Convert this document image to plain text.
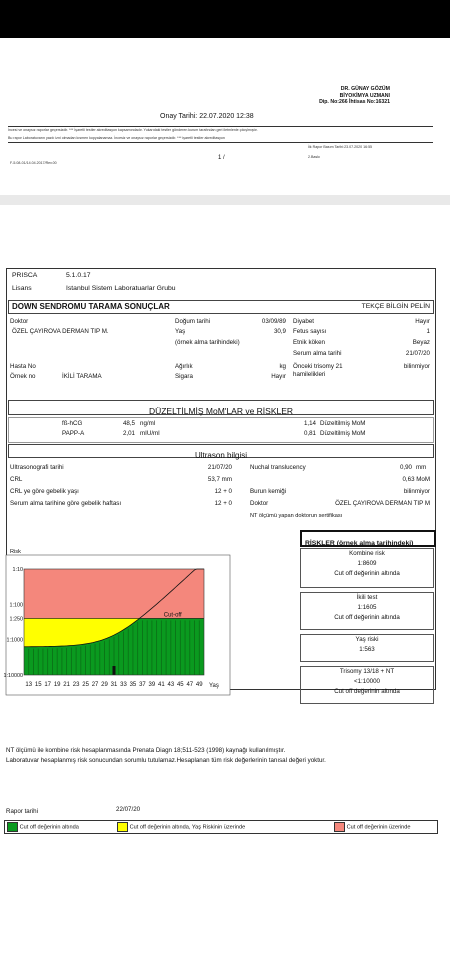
DR. GÜNAY GÖZÜM
BİYOKİMYA UZMANI
Dip. No:266 İhtisas No:16321
Onay Tarihi: 22.07.2020 12:38
İncesi ve onaysız raporlar geçersizdir. *** İşaretli testler akreditasyon kapsamındadır. Yukarıdaki testler gönderen kurum tarafından geri iletmlenle çıkışlmıştır.
Bu rapor Laboratuvarın yazılı izni olmadan kısmen kopyalanamaz. İncesiz ve onaysız raporlar geçersizdir. *** işaretli testler akreditasyon
İlk Rapor Basım Tarihi:23.07.2020 16:55
2.Baskı
1 /
F-5.08-01/14.04.2017/Rev.00
PRISCA	5.1.0.17
Lisans	Istanbul Sistem Laboratuarlar Grubu
DOWN SENDROMU TARAMA SONUÇLAR	TEKÇE BİLGİN PELİN
Doktor
ÖZEL ÇAYIROVA DERMAN TIP M.
Doğum tarihi	03/09/89
Yaş	30,9
(örnek alma tarihindeki)
Diyabet	Hayır
Fetus sayısı	1
Etnik köken	Beyaz
Serum alma tarihi	21/07/20
Hasta No
Örnek no	İKİLİ TARAMA
Ağırlık	kg
Sigara	Hayır
Önceki trisomy 21 hamilelikleri
bilinmiyor
DÜZELTİLMİŞ MoM'LAR ve RİSKLER
fß-hCG	48,5 ng/ml	1,14 Düzeltilmiş MoM
PAPP-A	2,01 mIU/ml	0,81 Düzeltilmiş MoM
Ultrason bilgisi
Ultrasonografi tarihi	21/07/20
CRL	53,7 mm
CRL ye göre gebelik yaşı	12 + 0
Serum alma tarihine göre gebelik haftası	12 + 0
Nuchal translucency	0,90 mm
0,63 MoM
Burun kemiği	bilinmiyor
Doktor	ÖZEL ÇAYIROVA DERMAN TIP M
NT ölçümü yapan doktorun sertifikası
RİSKLER (örnek alma tarihindeki)
Risk
Cut-off
1:10
1:100
1:250
1:1000
1:10000
13 15 17 19 21 23 25 27 29 31 33 35 37 39 41 43 45 47 49 Yaş
Kombine risk
1:8609
Cut off değerinin altında
İkili test
1:1605
Cut off değerinin altında
Yaş riski
1:563
Trisomy 13/18 + NT
<1:10000
Cut off değerinin altında
NT ölçümü ile kombine risk hesaplanmasında Prenata Diagn 18;511-523 (1998) kaynağı kullanılmıştır.
Laboratuvar hesaplanmış risk sonucundan sorumlu tutulamaz.Hesaplanan tüm risk değerlerinin tanısal değeri yoktur.
Rapor tarihi	22/07/20
Cut off değerinin altında	Cut off değerinin altında, Yaş Riskinin üzerinde	Cut off değerinin üzerinde
